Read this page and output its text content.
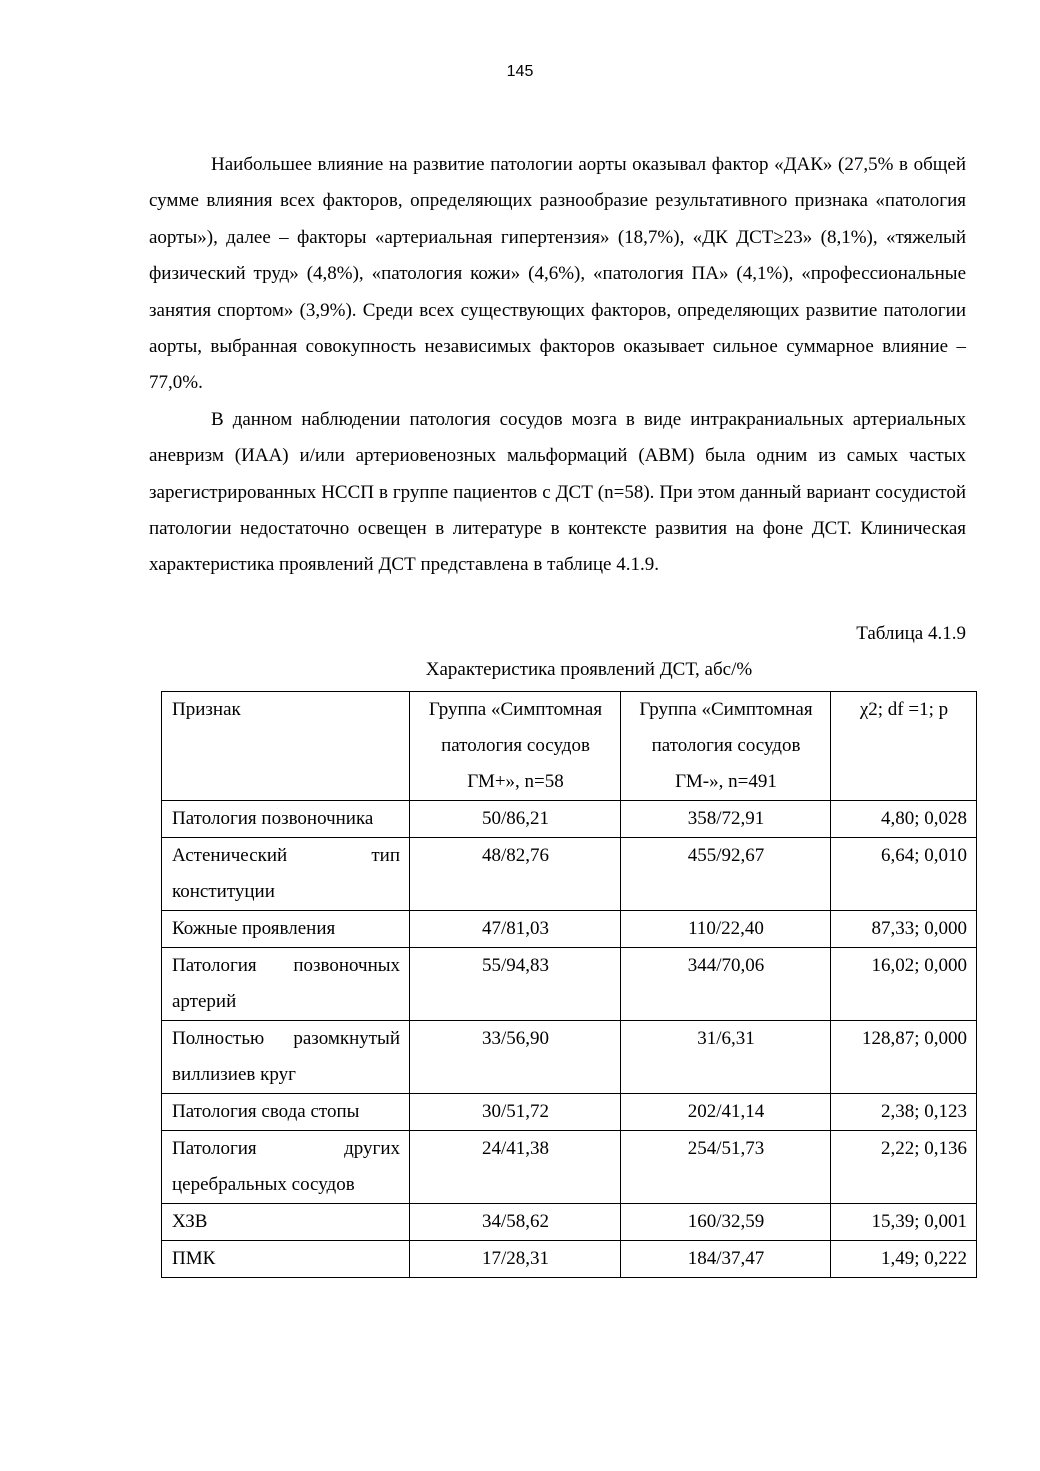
145

Наибольшее влияние на развитие патологии аорты оказывал фактор «ДАК» (27,5% в общей сумме влияния всех факторов, определяющих разнообразие результативного признака «патология аорты»), далее – факторы «артериальная гипертензия» (18,7%), «ДК ДСТ≥23» (8,1%), «тяжелый физический труд» (4,8%), «патология кожи» (4,6%), «патология ПА» (4,1%), «профессиональные занятия спортом» (3,9%). Среди всех существующих факторов, определяющих развитие патологии аорты, выбранная совокупность независимых факторов оказывает сильное суммарное влияние – 77,0%.

В данном наблюдении патология сосудов мозга в виде интракраниальных артериальных аневризм (ИАА) и/или артериовенозных мальформаций (АВМ) была одним из самых частых зарегистрированных НССП в группе пациентов с ДСТ (n=58). При этом данный вариант сосудистой патологии недостаточно освещен в литературе в контексте развития на фоне ДСТ. Клиническая характеристика проявлений ДСТ представлена в таблице 4.1.9.

Таблица 4.1.9
Характеристика проявлений ДСТ, абс/%
Признак	Группа «Симптомная патология сосудов ГМ+», n=58	Группа «Симптомная патология сосудов ГМ-», n=491	χ2; df =1; p
Патология позвоночника	50/86,21	358/72,91	4,80; 0,028
Астенический тип конституции	48/82,76	455/92,67	6,64; 0,010
Кожные проявления	47/81,03	110/22,40	87,33; 0,000
Патология позвоночных артерий	55/94,83	344/70,06	16,02; 0,000
Полностью разомкнутый виллизиев круг	33/56,90	31/6,31	128,87; 0,000
Патология свода стопы	30/51,72	202/41,14	2,38; 0,123
Патология других церебральных сосудов	24/41,38	254/51,73	2,22; 0,136
ХЗВ	34/58,62	160/32,59	15,39; 0,001
ПМК	17/28,31	184/37,47	1,49; 0,222
